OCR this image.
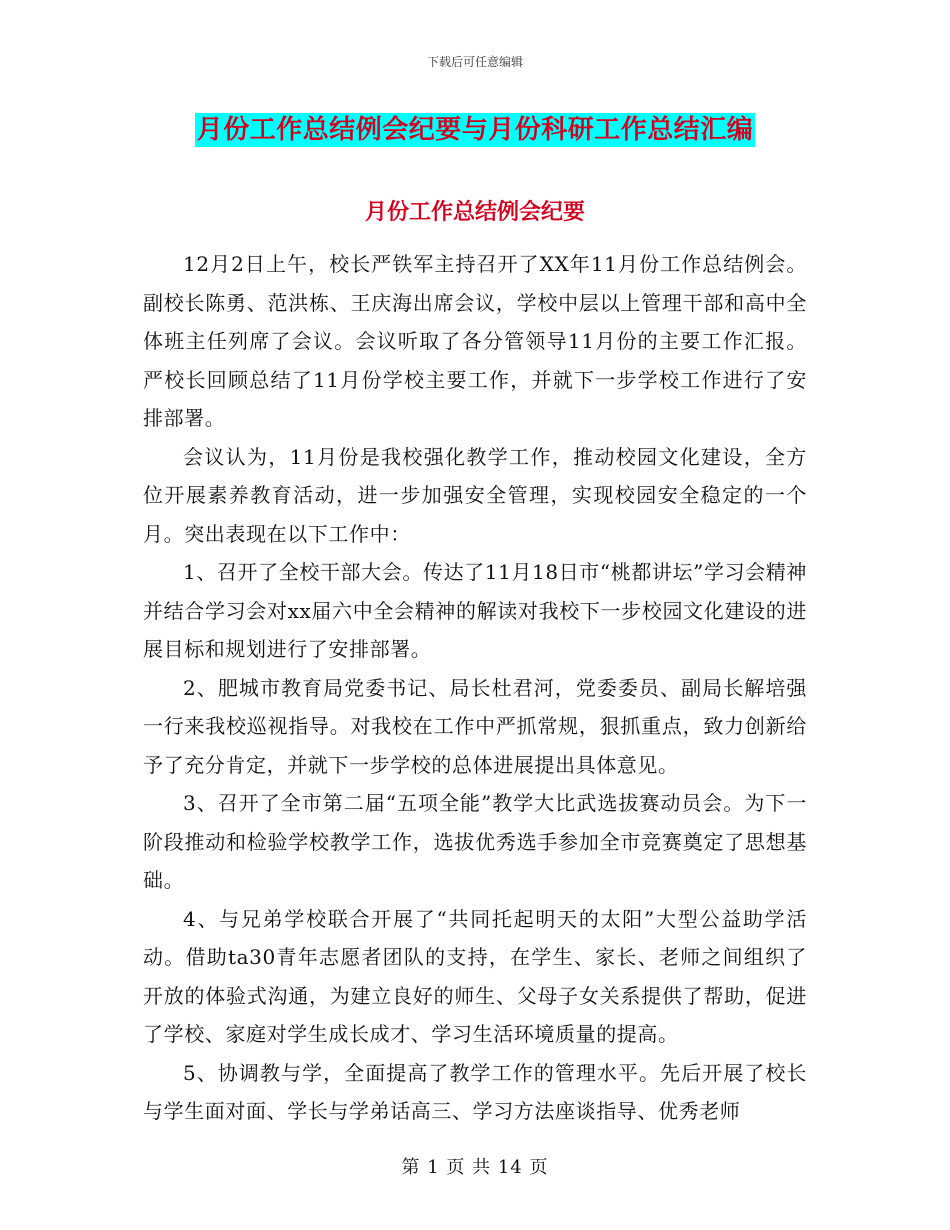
下载后可任意编辑
月份工作总结例会纪要与月份科研工作总结汇编
月份工作总结例会纪要

12月2日上午，校长严铁军主持召开了XX年11月份工作总结例会。副校长陈勇、范洪栋、王庆海出席会议，学校中层以上管理干部和高中全体班主任列席了会议。会议听取了各分管领导11月份的主要工作汇报。严校长回顾总结了11月份学校主要工作，并就下一步学校工作进行了安排部署。

会议认为，11月份是我校强化教学工作，推动校园文化建设，全方位开展素养教育活动，进一步加强安全管理，实现校园安全稳定的一个月。突出表现在以下工作中：

1、召开了全校干部大会。传达了11月18日市“桃都讲坛”学习会精神并结合学习会对xx届六中全会精神的解读对我校下一步校园文化建设的进展目标和规划进行了安排部署。

2、肥城市教育局党委书记、局长杜君河，党委委员、副局长解培强一行来我校巡视指导。对我校在工作中严抓常规，狠抓重点，致力创新给予了充分肯定，并就下一步学校的总体进展提出具体意见。

3、召开了全市第二届“五项全能”教学大比武选拔赛动员会。为下一阶段推动和检验学校教学工作，选拔优秀选手参加全市竞赛奠定了思想基础。

4、与兄弟学校联合开展了“共同托起明天的太阳”大型公益助学活动。借助ta30青年志愿者团队的支持，在学生、家长、老师之间组织了开放的体验式沟通，为建立良好的师生、父母子女关系提供了帮助，促进了学校、家庭对学生成长成才、学习生活环境质量的提高。

5、协调教与学，全面提高了教学工作的管理水平。先后开展了校长与学生面对面、学长与学弟话高三、学习方法座谈指导、优秀老师

第 1 页 共 14 页
